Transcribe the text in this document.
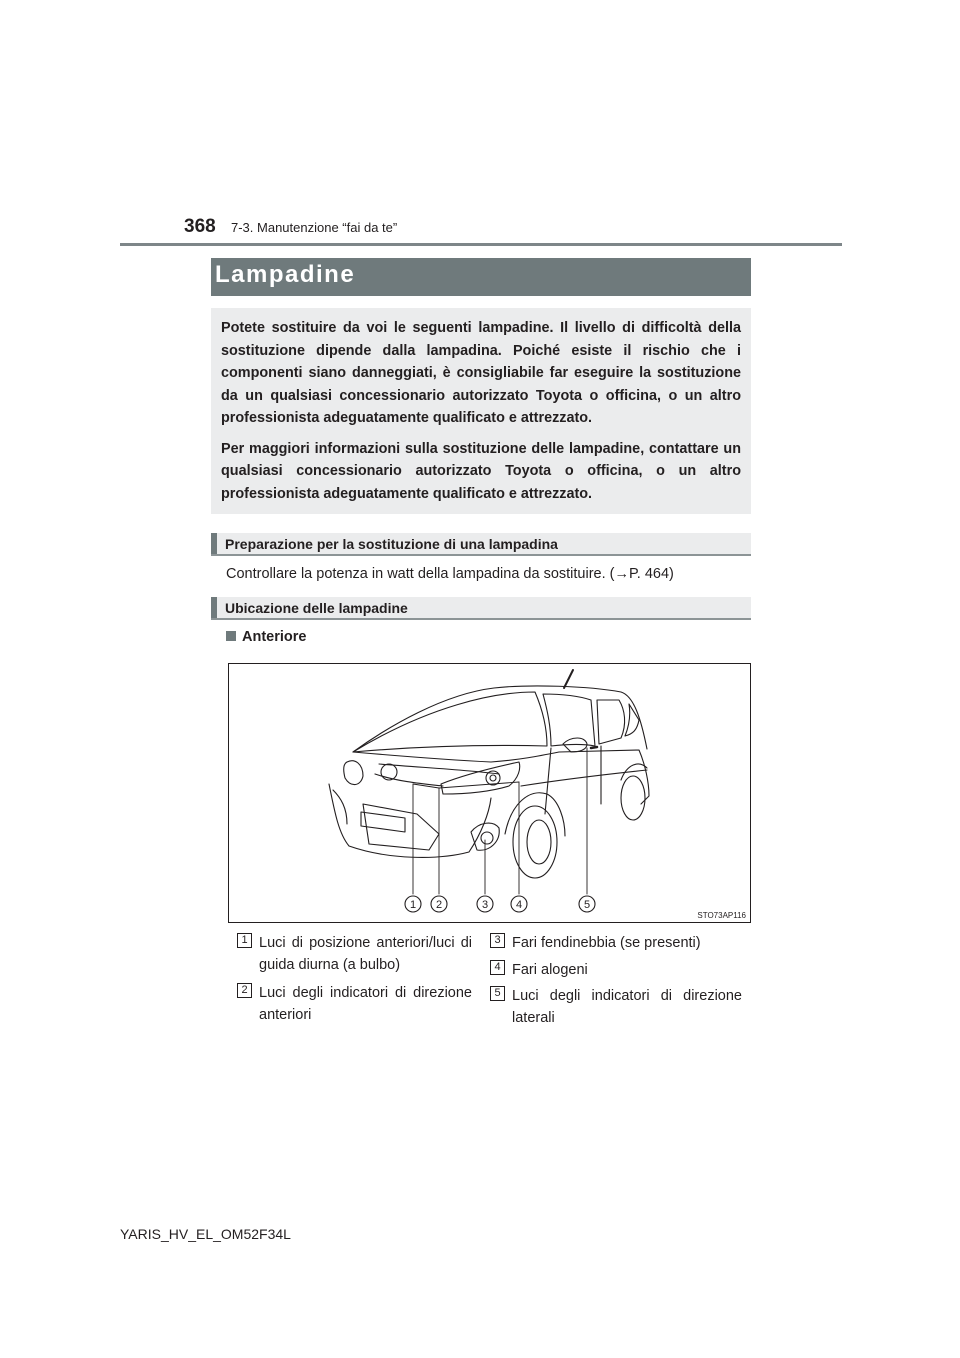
368 7-3. Manutenzione “fai da te”
Lampadine

Potete sostituire da voi le seguenti lampadine. Il livello di difficoltà della sostituzione dipende dalla lampadina. Poiché esiste il rischio che i componenti siano danneggiati, è consigliabile far eseguire la sostituzione da un qualsiasi concessionario autorizzato Toyota o officina, o un altro professionista adeguatamente qualificato e attrezzato.

Per maggiori informazioni sulla sostituzione delle lampadine, contattare un qualsiasi concessionario autorizzato Toyota o officina, o un altro professionista adeguatamente qualificato e attrezzato.

Preparazione per la sostituzione di una lampadina
Controllare la potenza in watt della lampadina da sostituire. (→P. 464)
Ubicazione delle lampadine
Anteriore
1 2	3	4	5
STO73AP116
1 Luci di posizione anteriori/luci di guida diurna (a bulbo)
2 Luci degli indicatori di direzione anteriori
3 Fari fendinebbia (se presenti)
4 Fari alogeni
5 Luci degli indicatori di direzione laterali
YARIS_HV_EL_OM52F34L
